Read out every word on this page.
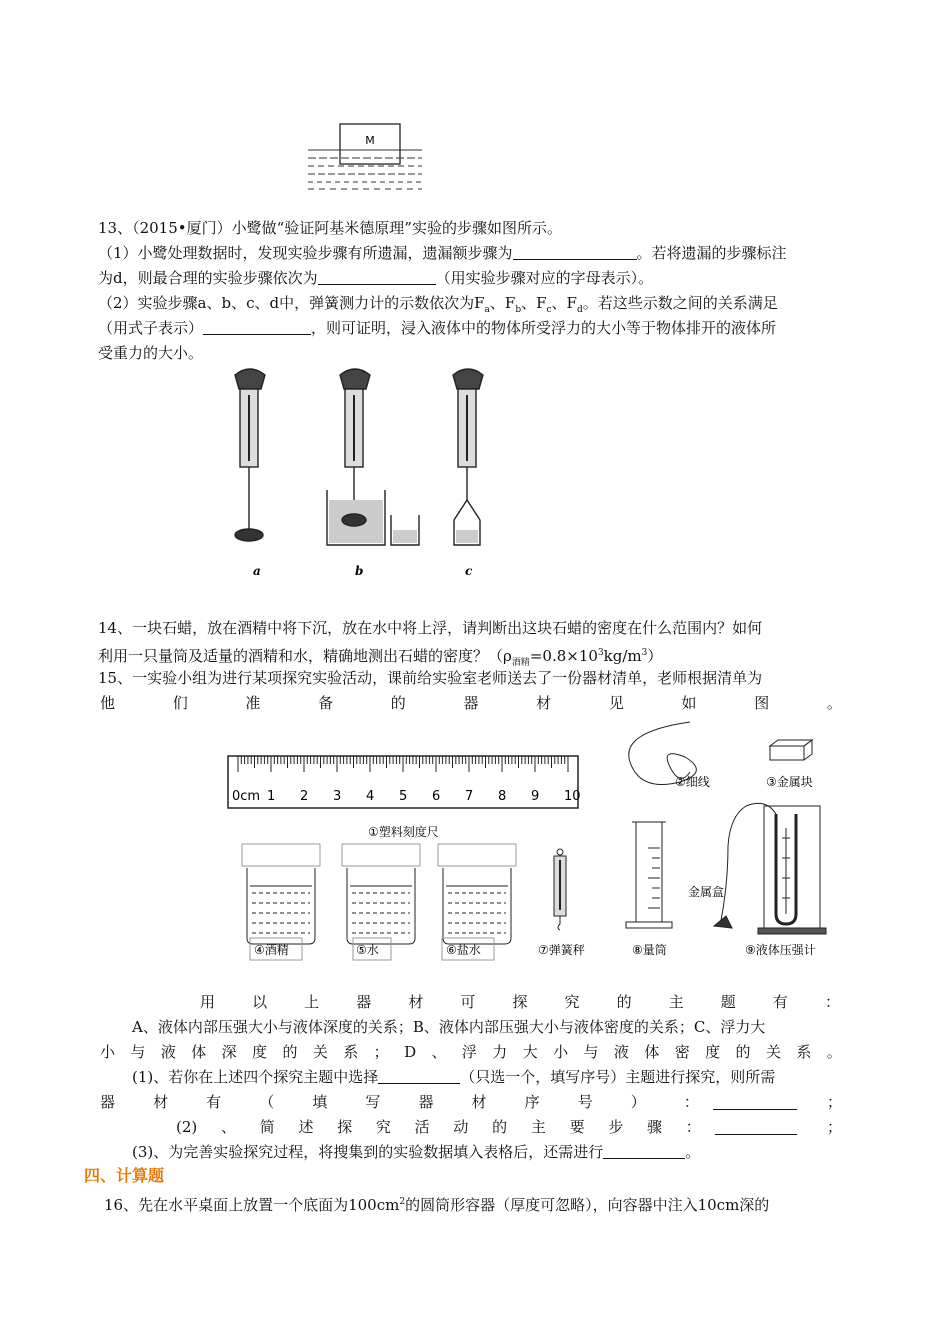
M
13、（2015•厦门）小鹭做“验证阿基米德原理”实验的步骤如图所示。
（1）小鹭处理数据时，发现实验步骤有所遗漏，遗漏额步骤为	。若将遗漏的步骤标注
为d，则最合理的实验步骤依次为	（用实验步骤对应的字母表示）。
（2）实验步骤a、b、c、d中，弹簧测力计的示数依次为$F_a$、$F_b$、$F_c$、$F_d$。若这些示数之间的关系满足
（用式子表示）	，则可证明，浸入液体中的物体所受浮力的大小等于物体排开的液体所
受重力的大小。
a	b	c
14、一块石蜡，放在酒精中将下沉，放在水中将上浮，请判断出这块石蜡的密度在什么范围内？如何
利用一只量筒及适量的酒精和水，精确地测出石蜡的密度？$(\rho_{酒精}=0.8\times 10^3kg/m^3)$
15、一实验小组为进行某项探究实验活动，课前给实验室老师送去了一份器材清单，老师根据清单为
他	们	准	备	的	器	材	见	如	图	。
0cm 1 2 3 4 5 6 7 8 9 10
①塑料刻度尺
②细线	③金属块
④酒精	⑤水	⑥盐水	⑦弹簧秤	⑧量筒
金属盒
⑨液体压强计
用 以 上 器 材 可 探 究 的 主 题 有 ：
A、液体内部压强大小与液体深度的关系；B、液体内部压强大小与液体密度的关系；C、浮力大
小 与 液 体 深 度 的 关 系 ； D 、 浮 力 大 小 与 液 体 密 度 的 关 系 。
(1)、若你在上述四个探究主题中选择	（只选一个，填写序号）主题进行探究，则所需
器	材	有	（	填	写	器	材	序	号	）	：	；
(2) 、 简 述 探 究 活 动 的 主 要 步 骤 ：	；
(3)、为完善实验探究过程，将搜集到的实验数据填入表格后，还需进行	。
四、计算题
16、先在水平桌面上放置一个底面为$100cm^2$的圆筒形容器（厚度可忽略），向容器中注入10cm深的
